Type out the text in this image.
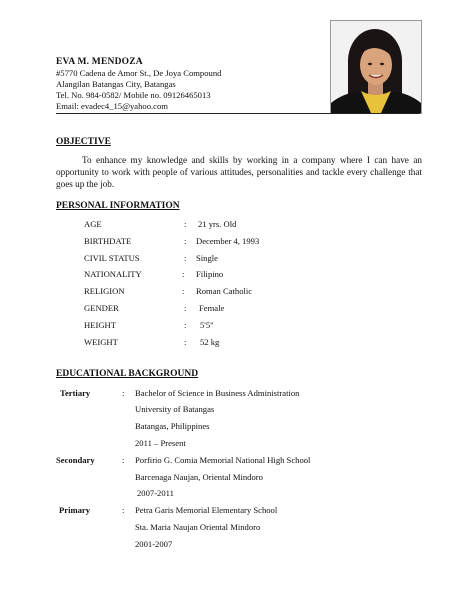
EVA M. MENDOZA
#5770 Cadena de Amor St., De Joya Compound
Alangilan Batangas City, Batangas
Tel. No. 984-0582/ Mobile no. 09126465013
Email: evadec4_15@yahoo.com
OBJECTIVE
To enhance my knowledge and skills by working in a company where I can have an opportunity to work with people of various attitudes, personalities and tackle every challenge that goes up the job.
PERSONAL INFORMATION
AGE	: 21 yrs. Old
BIRTHDATE	: December 4, 1993
CIVIL STATUS	: Single
NATIONALITY	: Filipino
RELIGION	: Roman Catholic
GENDER	: Female
HEIGHT	: 5'5"
WEIGHT	: 52 kg
EDUCATIONAL BACKGROUND
Tertiary	: Bachelor of Science in Business Administration
University of Batangas
Batangas, Philippines
2011 – Present
Secondary	: Porfirio G. Comia Memorial National High School
Barcenaga Naujan, Oriental Mindoro
2007-2011
Primary	: Petra Garis Memorial Elementary School
Sta. Maria Naujan Oriental Mindoro
2001-2007
